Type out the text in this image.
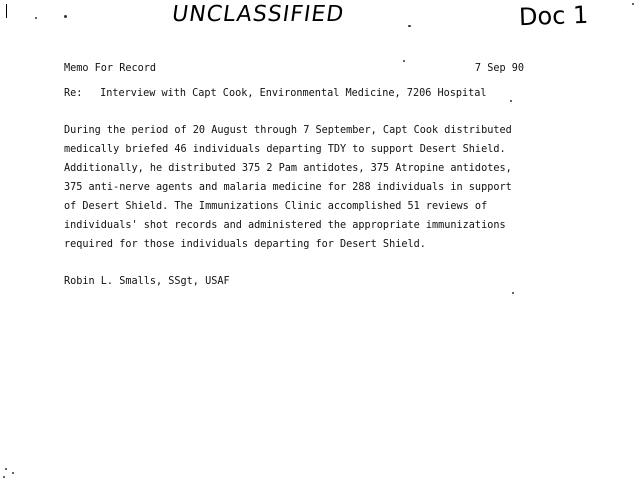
UNCLASSIFIED	Doc 1
Memo For Record	7 Sep 90
Re: Interview with Capt Cook, Environmental Medicine, 7206 Hospital
During the period of 20 August through 7 September, Capt Cook distributed
medically briefed 46 individuals departing TDY to support Desert Shield.
Additionally, he distributed 375 2 Pam antidotes, 375 Atropine antidotes,
375 anti-nerve agents and malaria medicine for 288 individuals in support
of Desert Shield. The Immunizations Clinic accomplished 51 reviews of
individuals' shot records and administered the appropriate immunizations
required for those individuals departing for Desert Shield.
Robin L. Smalls, SSgt, USAF
